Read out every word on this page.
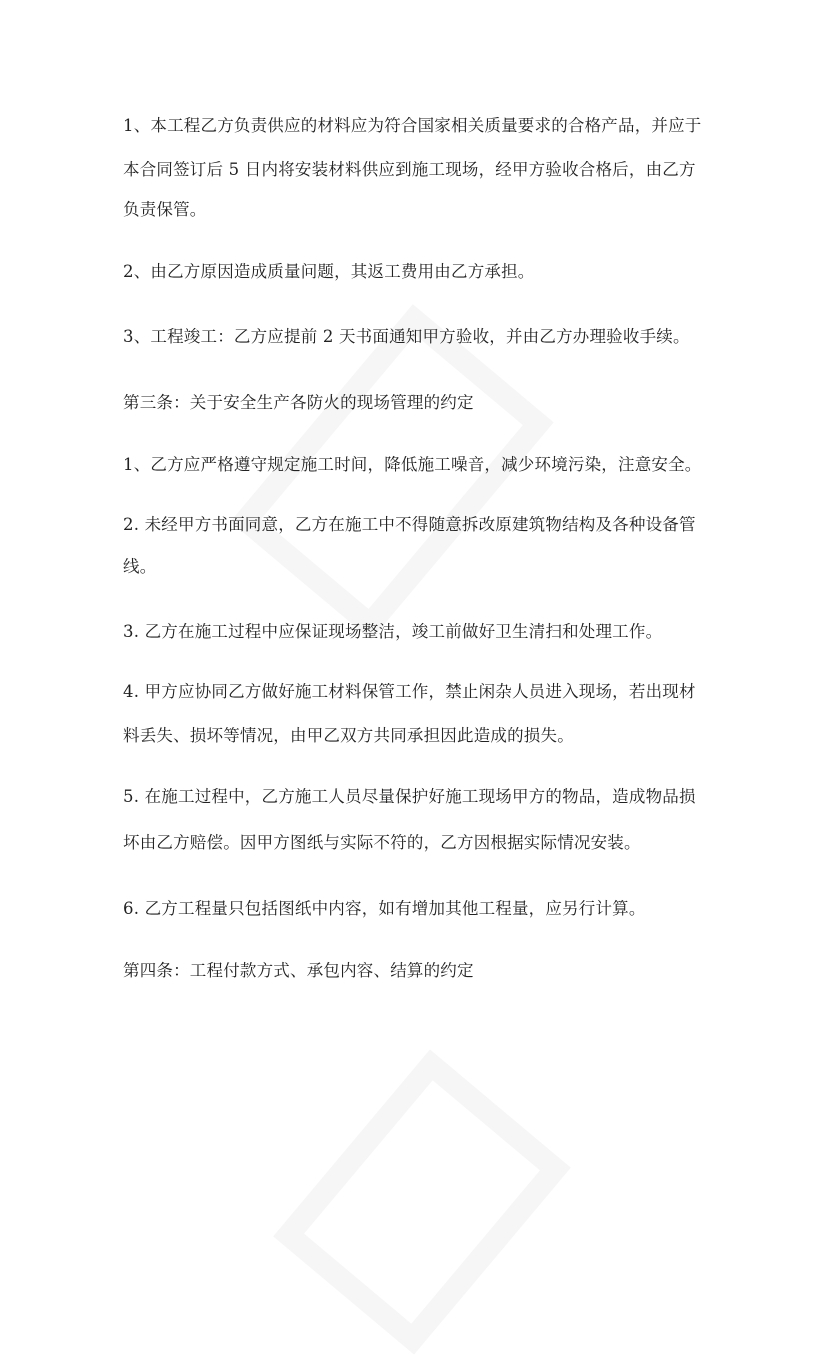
1、本工程乙方负责供应的材料应为符合国家相关质量要求的合格产品，并应于
本合同签订后 5 日内将安装材料供应到施工现场，经甲方验收合格后，由乙方
负责保管。
2、由乙方原因造成质量问题，其返工费用由乙方承担。
3、工程竣工：乙方应提前 2 天书面通知甲方验收，并由乙方办理验收手续。
第三条：关于安全生产各防火的现场管理的约定
1、乙方应严格遵守规定施工时间，降低施工噪音，减少环境污染，注意安全。
2. 未经甲方书面同意，乙方在施工中不得随意拆改原建筑物结构及各种设备管
线。
3. 乙方在施工过程中应保证现场整洁，竣工前做好卫生清扫和处理工作。
4. 甲方应协同乙方做好施工材料保管工作，禁止闲杂人员进入现场，若出现材
料丢失、损坏等情况，由甲乙双方共同承担因此造成的损失。
5. 在施工过程中，乙方施工人员尽量保护好施工现场甲方的物品，造成物品损
坏由乙方赔偿。因甲方图纸与实际不符的，乙方因根据实际情况安装。
6. 乙方工程量只包括图纸中内容，如有增加其他工程量，应另行计算。
第四条：工程付款方式、承包内容、结算的约定
